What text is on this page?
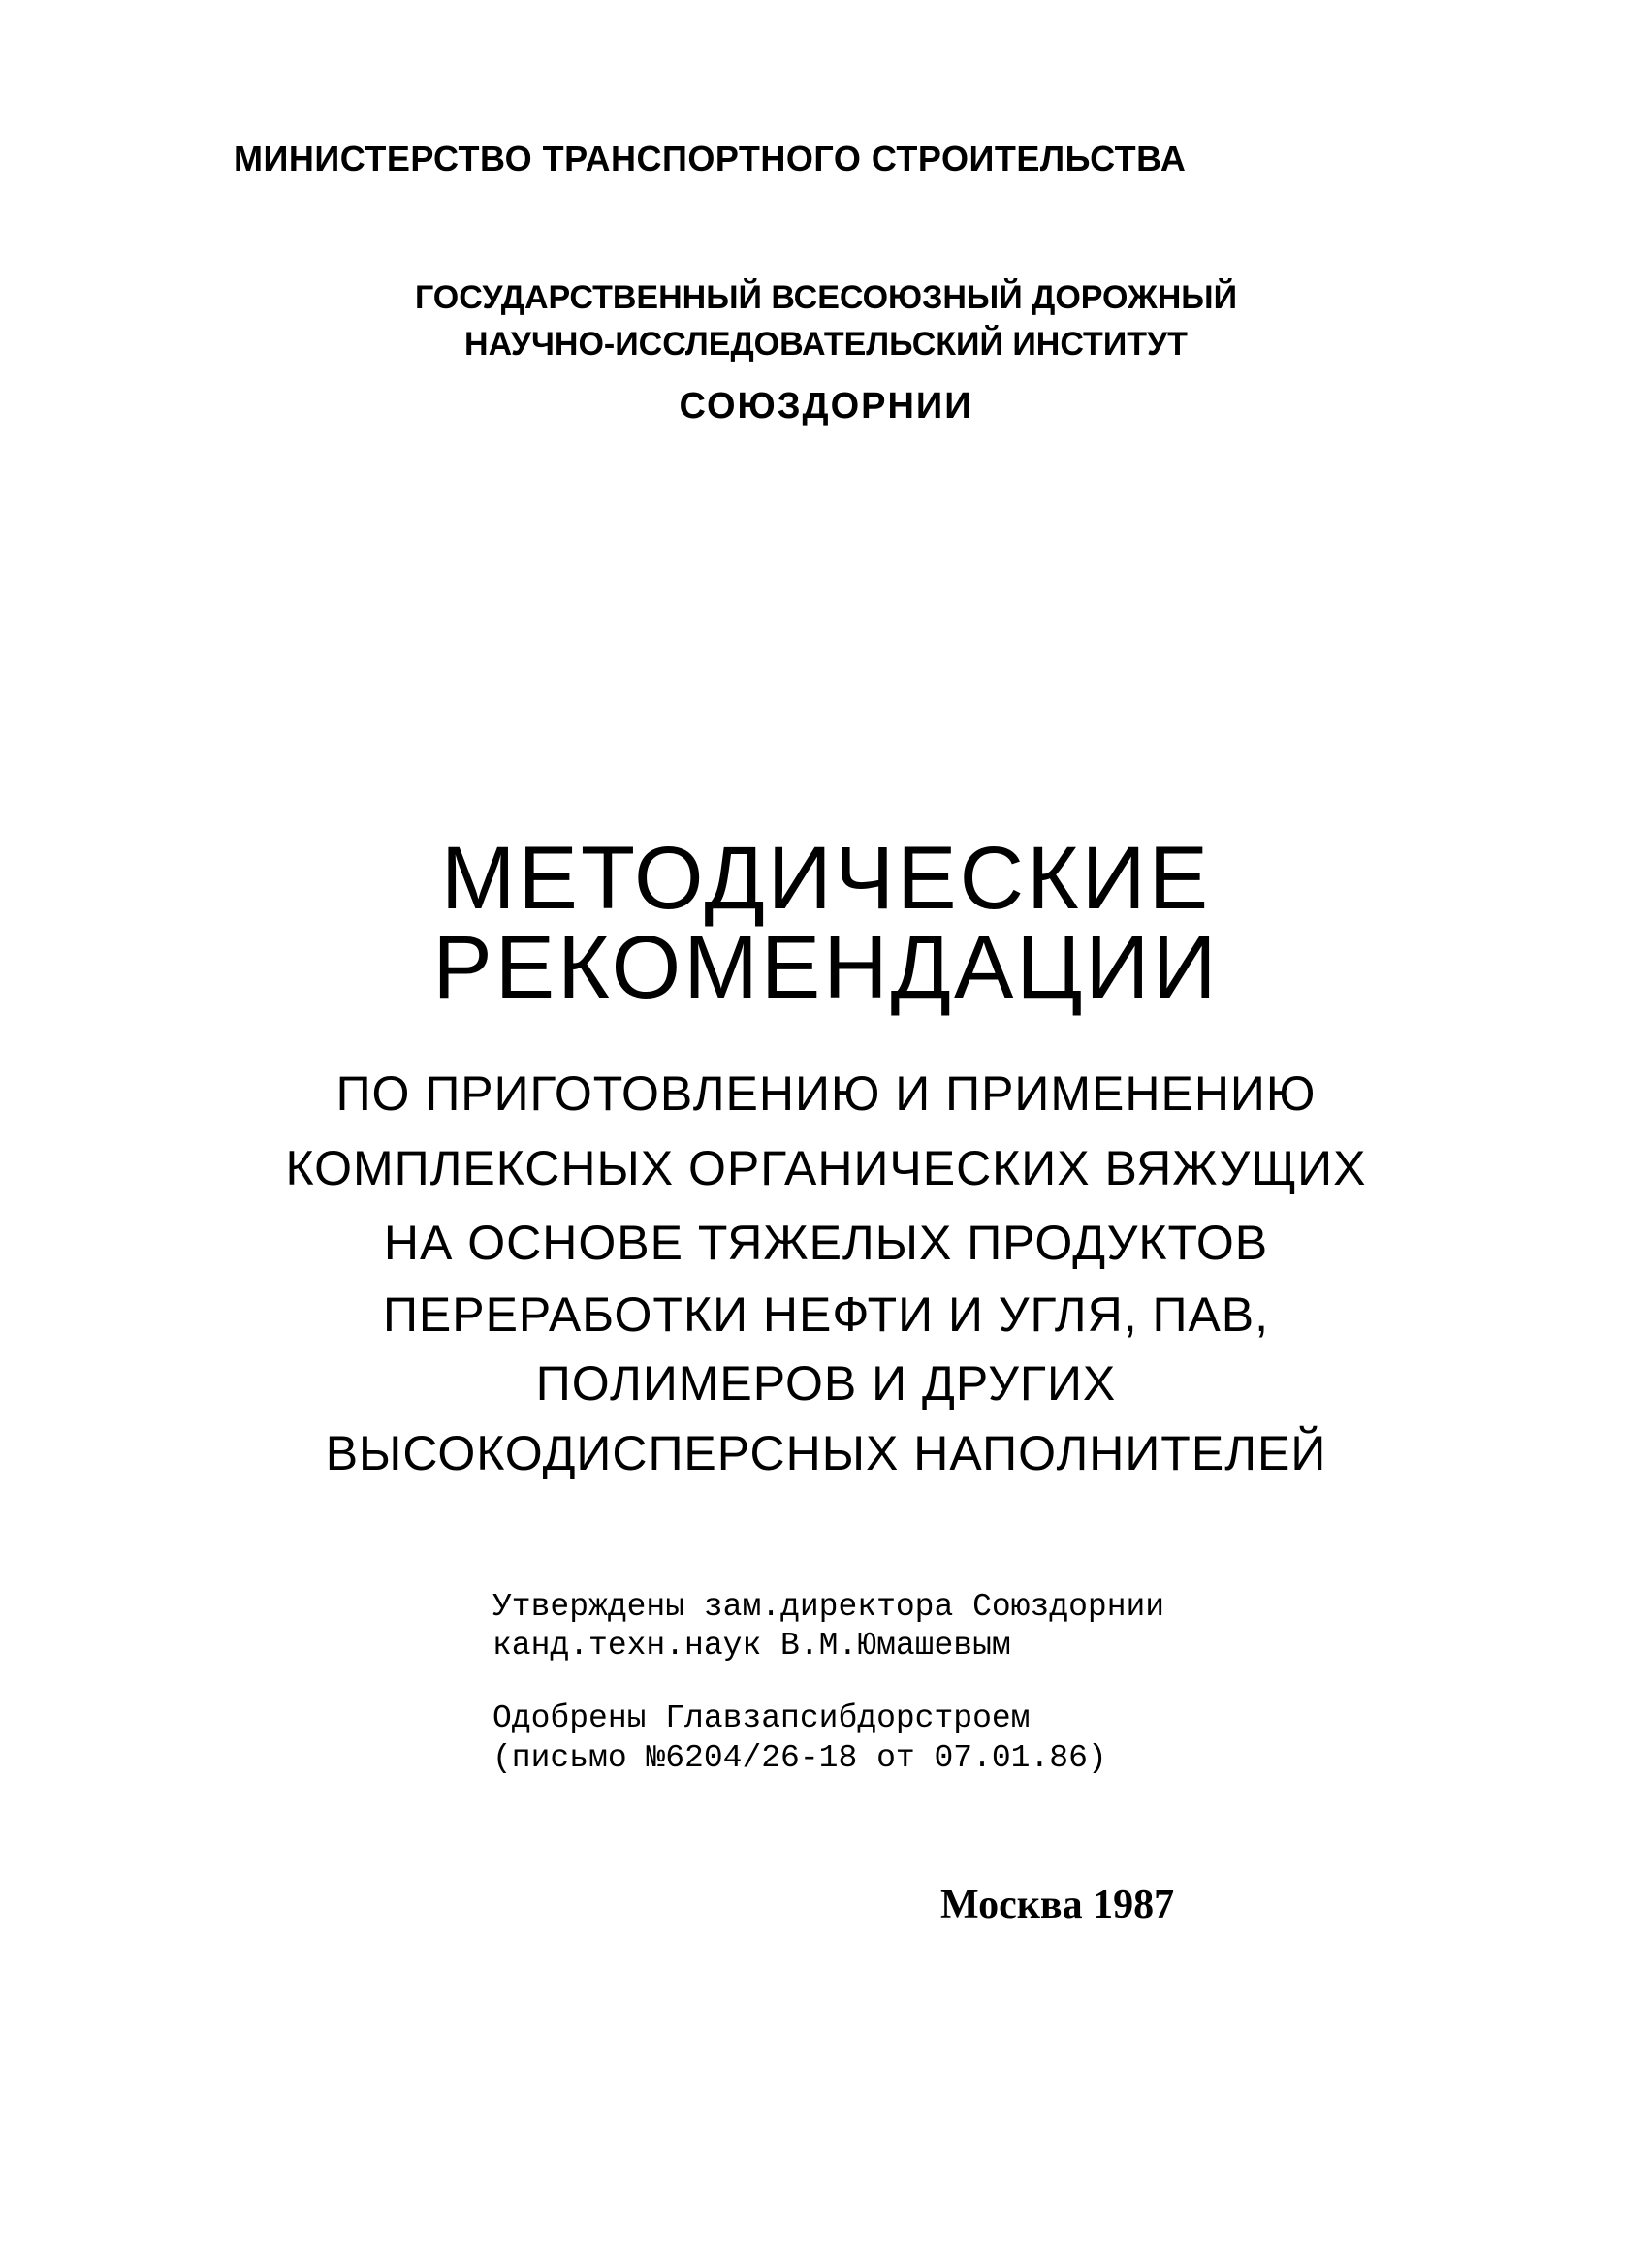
МИНИСТЕРСТВО ТРАНСПОРТНОГО СТРОИТЕЛЬСТВА
ГОСУДАРСТВЕННЫЙ ВСЕСОЮЗНЫЙ ДОРОЖНЫЙ
НАУЧНО-ИССЛЕДОВАТЕЛЬСКИЙ ИНСТИТУТ
СОЮЗДОРНИИ
МЕТОДИЧЕСКИЕ
РЕКОМЕНДАЦИИ
ПО ПРИГОТОВЛЕНИЮ И ПРИМЕНЕНИЮ
КОМПЛЕКСНЫХ ОРГАНИЧЕСКИХ ВЯЖУЩИХ
НА ОСНОВЕ ТЯЖЕЛЫХ ПРОДУКТОВ
ПЕРЕРАБОТКИ НЕФТИ И УГЛЯ, ПАВ,
ПОЛИМЕРОВ И ДРУГИХ
ВЫСОКОДИСПЕРСНЫХ НАПОЛНИТЕЛЕЙ
Утверждены зам.директора Союздорнии
канд.техн.наук В.М.Юмашевым
Одобрены Главзапсибдорстроем
(письмо №6204/26-18 от 07.01.86)
Москва 1987
